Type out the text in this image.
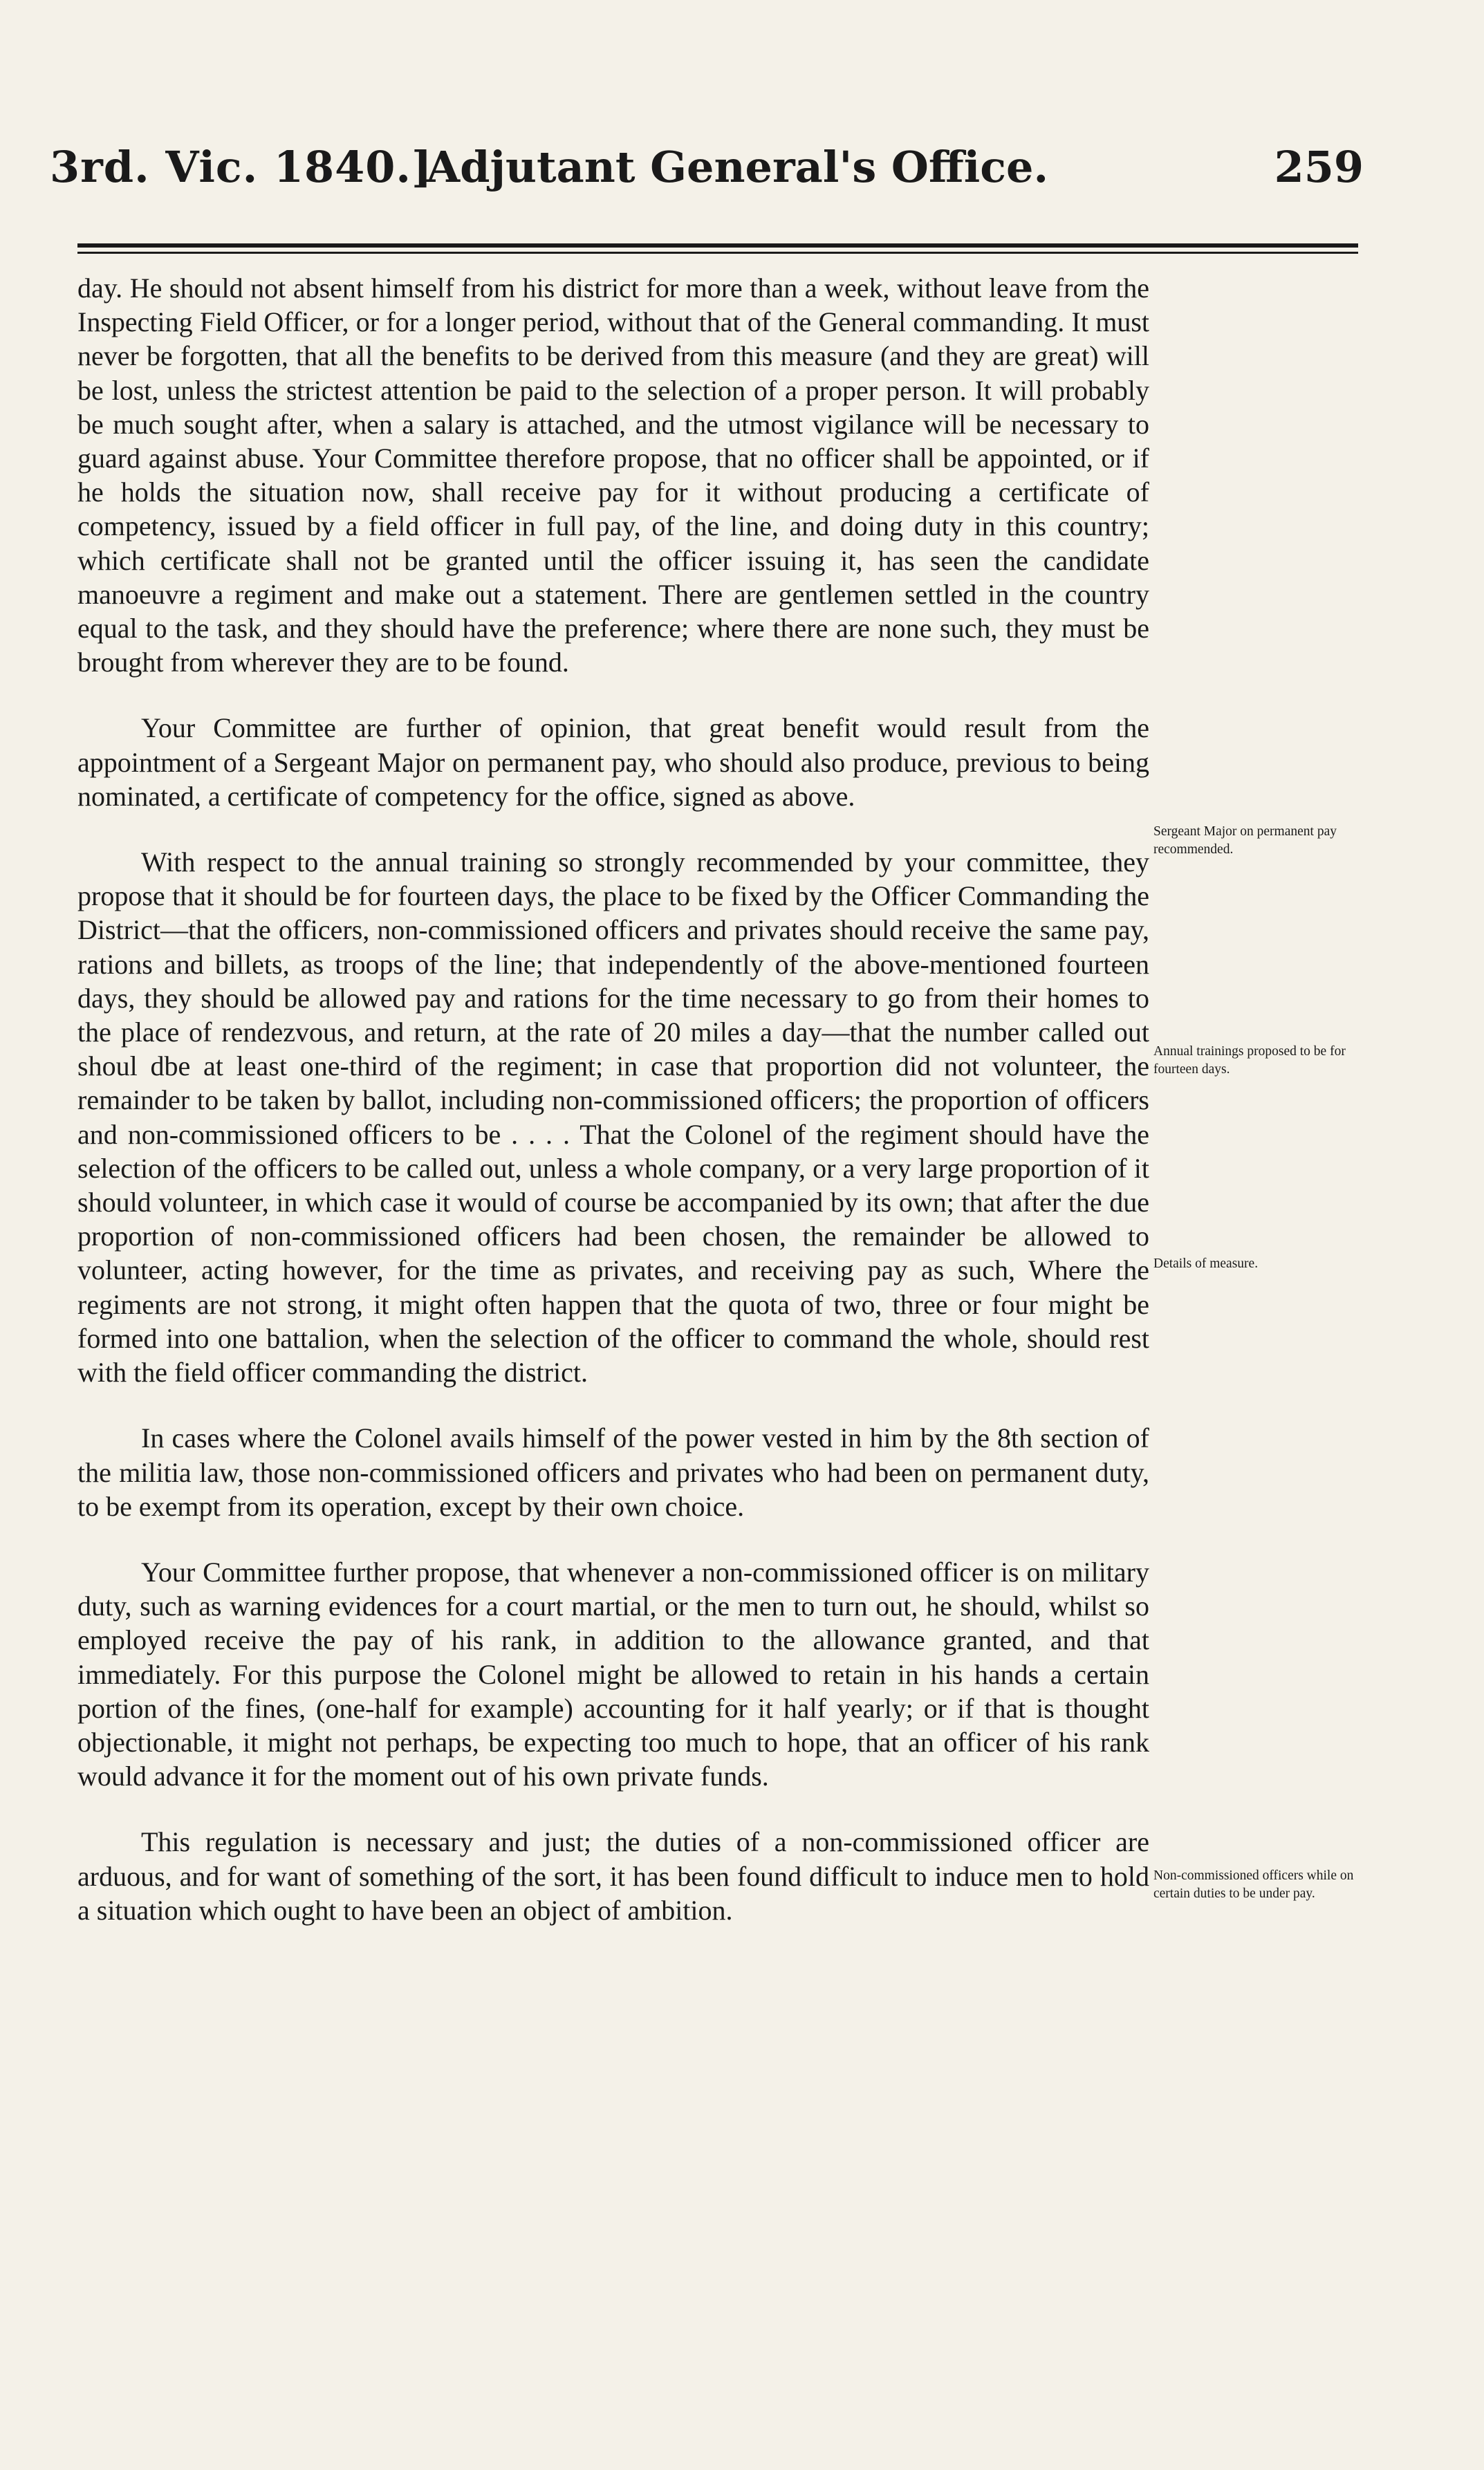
3rd. Vic. 1840.]
Adjutant General's Office.	259

day. He should not absent himself from his district for more than a week, without leave from the Inspecting Field Officer, or for a longer period, without that of the General commanding. It must never be forgotten, that all the benefits to be derived from this measure (and they are great) will be lost, unless the strictest attention be paid to the selection of a proper person. It will probably be much sought after, when a salary is attached, and the utmost vigilance will be necessary to guard against abuse. Your Committee therefore propose, that no officer shall be appointed, or if he holds the situation now, shall receive pay for it without producing a certificate of competency, issued by a field officer in full pay, of the line, and doing duty in this country; which certificate shall not be granted until the officer issuing it, has seen the candidate manoeuvre a regiment and make out a statement. There are gentlemen settled in the country equal to the task, and they should have the preference; where there are none such, they must be brought from wherever they are to be found.

Your Committee are further of opinion, that great benefit would result from the appointment of a Sergeant Major on permanent pay, who should also produce, previous to being nominated, a certificate of competency for the office, signed as above.

With respect to the annual training so strongly recommended by your committee, they propose that it should be for fourteen days, the place to be fixed by the Officer Commanding the District—that the officers, non-commissioned officers and privates should receive the same pay, rations and billets, as troops of the line; that independently of the above-mentioned fourteen days, they should be allowed pay and rations for the time necessary to go from their homes to the place of rendezvous, and return, at the rate of 20 miles a day—that the number called out shoul dbe at least one-third of the regiment; in case that proportion did not volunteer, the remainder to be taken by ballot, including non-commissioned officers; the proportion of officers and non-commissioned officers to be . . . . That the Colonel of the regiment should have the selection of the officers to be called out, unless a whole company, or a very large proportion of it should volunteer, in which case it would of course be accompanied by its own; that after the due proportion of non-commissioned officers had been chosen, the remainder be allowed to volunteer, acting however, for the time as privates, and receiving pay as such, Where the regiments are not strong, it might often happen that the quota of two, three or four might be formed into one battalion, when the selection of the officer to command the whole, should rest with the field officer commanding the district.

In cases where the Colonel avails himself of the power vested in him by the 8th section of the militia law, those non-commissioned officers and privates who had been on permanent duty, to be exempt from its operation, except by their own choice.

Your Committee further propose, that whenever a non-commissioned officer is on military duty, such as warning evidences for a court martial, or the men to turn out, he should, whilst so employed receive the pay of his rank, in addition to the allowance granted, and that immediately. For this purpose the Colonel might be allowed to retain in his hands a certain portion of the fines, (one-half for example) accounting for it half yearly; or if that is thought objectionable, it might not perhaps, be expecting too much to hope, that an officer of his rank would advance it for the moment out of his own private funds.

This regulation is necessary and just; the duties of a non-commissioned officer are arduous, and for want of something of the sort, it has been found difficult to induce men to hold a situation which ought to have been an object of ambition.

Sergeant Major on permanent pay recommended.
Annual trainings proposed to be for fourteen days.
Details of measure.
Non-commissioned officers while on certain duties to be under pay.
